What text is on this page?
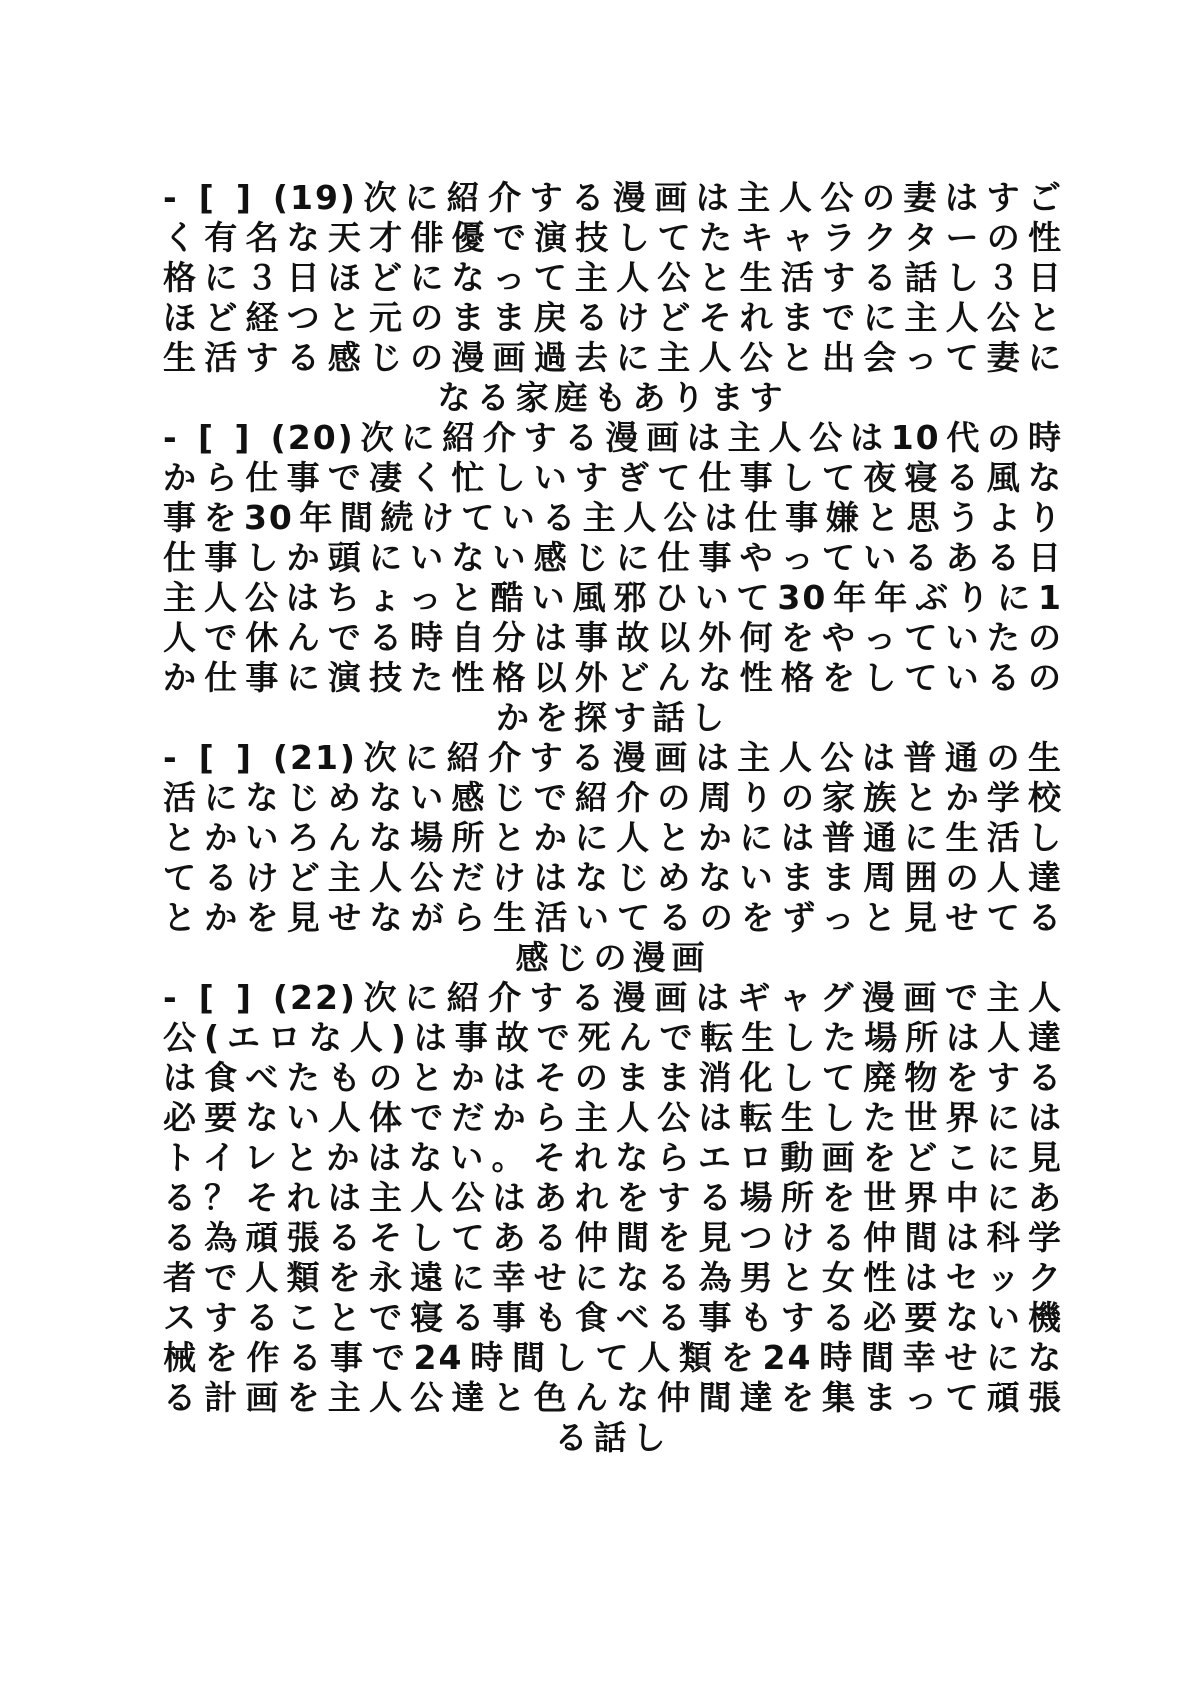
- [ ] (19)次に紹介する漫画は主人公の妻はすご
く有名な天才俳優で演技してたキャラクターの性
格に３日ほどになって主人公と生活する話し３日
ほど経つと元のまま戻るけどそれまでに主人公と
生活する感じの漫画過去に主人公と出会って妻に
なる家庭もあります
- [ ] (20)次に紹介する漫画は主人公は10代の時
から仕事で凄く忙しいすぎて仕事して夜寝る風な
事を30年間続けている主人公は仕事嫌と思うより
仕事しか頭にいない感じに仕事やっているある日
主人公はちょっと酷い風邪ひいて30年年ぶりに1
人で休んでる時自分は事故以外何をやっていたの
か仕事に演技た性格以外どんな性格をしているの
かを探す話し
- [ ] (21)次に紹介する漫画は主人公は普通の生
活になじめない感じで紹介の周りの家族とか学校
とかいろんな場所とかに人とかには普通に生活し
てるけど主人公だけはなじめないまま周囲の人達
とかを見せながら生活いてるのをずっと見せてる
感じの漫画
- [ ] (22)次に紹介する漫画はギャグ漫画で主人
公(エロな人)は事故で死んで転生した場所は人達
は食べたものとかはそのまま消化して廃物をする
必要ない人体でだから主人公は転生した世界には
トイレとかはない。それならエロ動画をどこに見
る？それは主人公はあれをする場所を世界中にあ
る為頑張るそしてある仲間を見つける仲間は科学
者で人類を永遠に幸せになる為男と女性はセック
スすることで寝る事も食べる事もする必要ない機
械を作る事で24時間して人類を24時間幸せにな
る計画を主人公達と色んな仲間達を集まって頑張
る話し
